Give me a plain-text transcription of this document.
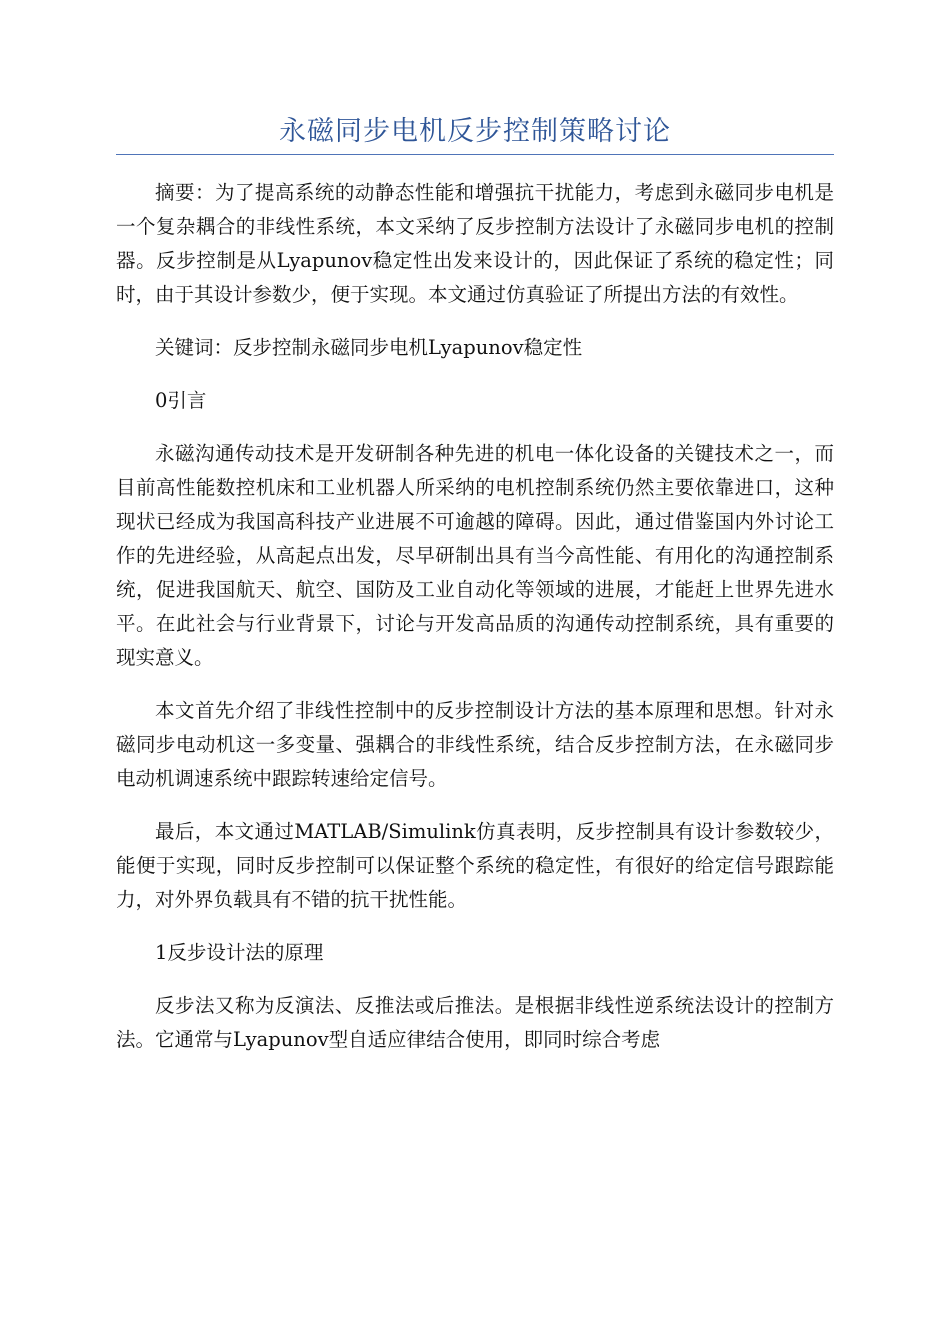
永磁同步电机反步控制策略讨论

摘要：为了提高系统的动静态性能和增强抗干扰能力，考虑到永磁同步电机是一个复杂耦合的非线性系统，本文采纳了反步控制方法设计了永磁同步电机的控制器。反步控制是从Lyapunov稳定性出发来设计的，因此保证了系统的稳定性；同时，由于其设计参数少，便于实现。本文通过仿真验证了所提出方法的有效性。

关键词：反步控制永磁同步电机Lyapunov稳定性

0引言

永磁沟通传动技术是开发研制各种先进的机电一体化设备的关键技术之一，而目前高性能数控机床和工业机器人所采纳的电机控制系统仍然主要依靠进口，这种现状已经成为我国高科技产业进展不可逾越的障碍。因此，通过借鉴国内外讨论工作的先进经验，从高起点出发，尽早研制出具有当今高性能、有用化的沟通控制系统，促进我国航天、航空、国防及工业自动化等领域的进展，才能赶上世界先进水平。在此社会与行业背景下，讨论与开发高品质的沟通传动控制系统，具有重要的现实意义。

本文首先介绍了非线性控制中的反步控制设计方法的基本原理和思想。针对永磁同步电动机这一多变量、强耦合的非线性系统，结合反步控制方法，在永磁同步电动机调速系统中跟踪转速给定信号。

最后，本文通过MATLAB/Simulink仿真表明，反步控制具有设计参数较少，能便于实现，同时反步控制可以保证整个系统的稳定性，有很好的给定信号跟踪能力，对外界负载具有不错的抗干扰性能。

1反步设计法的原理

反步法又称为反演法、反推法或后推法。是根据非线性逆系统法设计的控制方法。它通常与Lyapunov型自适应律结合使用，即同时综合考虑
